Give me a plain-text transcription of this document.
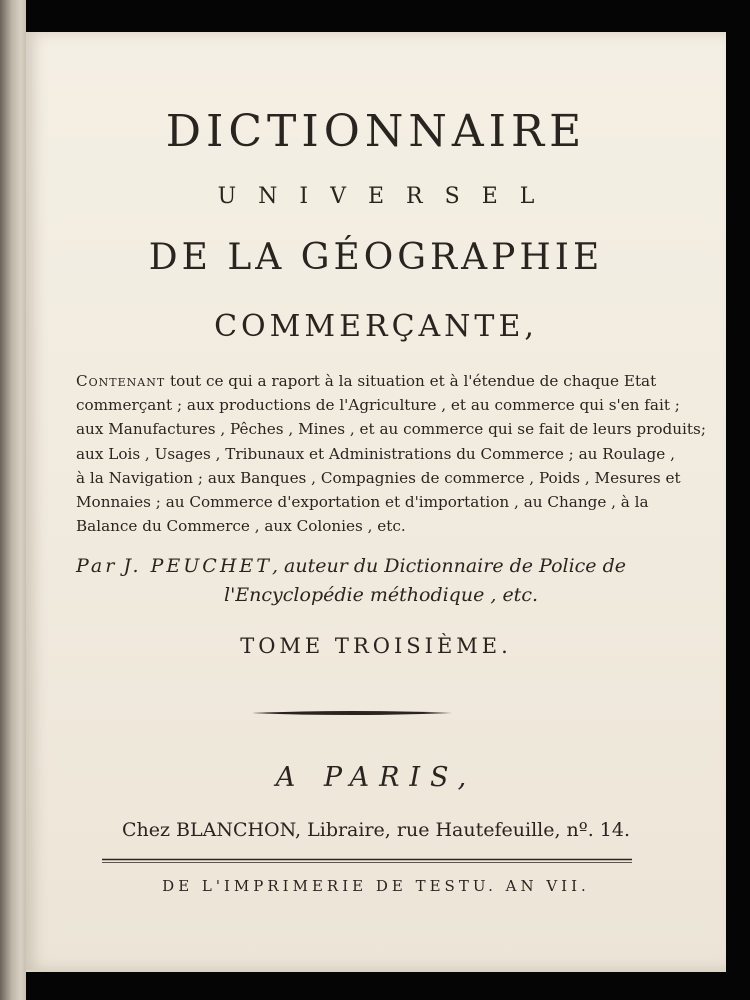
DICTIONNAIRE
UNIVERSEL
DE LA GÉOGRAPHIE
COMMERÇANTE,
Contenant tout ce qui a raport à la situation et à l'étendue de chaque Etat
commerçant ; aux productions de l'Agriculture , et au commerce qui s'en fait ;
aux Manufactures , Pêches , Mines , et au commerce qui se fait de leurs produits;
aux Lois , Usages , Tribunaux et Administrations du Commerce ; au Roulage ,
à la Navigation ; aux Banques , Compagnies de commerce , Poids , Mesures et
Monnaies ; au Commerce d'exportation et d'importation , au Change , à la
Balance du Commerce , aux Colonies , etc.
Par J. PEUCHET, auteur du Dictionnaire de Police de
l'Encyclopédie méthodique , etc.
TOME TROISIÈME.
A PARIS,
Chez BLANCHON, Libraire, rue Hautefeuille, nº. 14.
DE L'IMPRIMERIE DE TESTU. AN VII.
